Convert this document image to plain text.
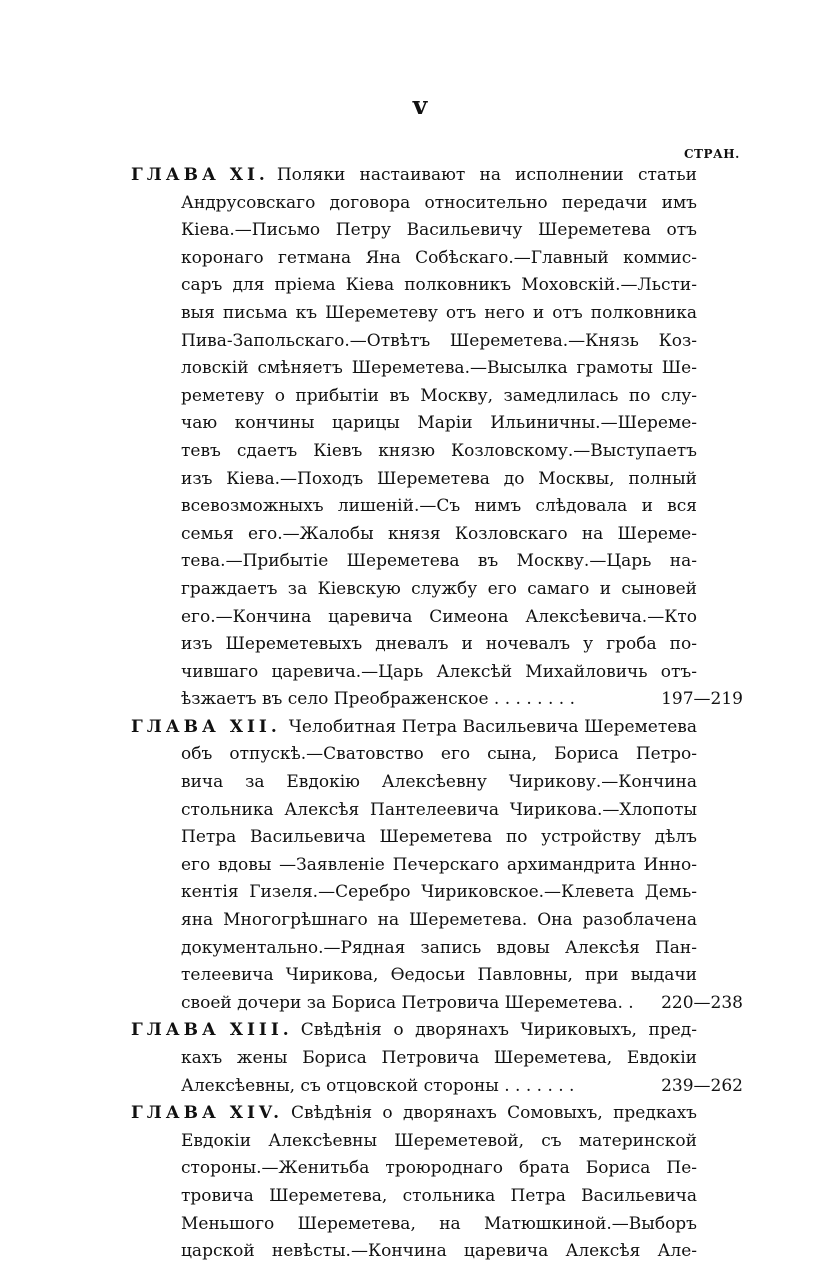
v
СТРАН.
ГЛАВА XI. Поляки настаивают на исполнении статьи
Андрусовскаго договора относительно передачи имъ
Кіева.—Письмо Петру Васильевичу Шереметева отъ
коронаго гетмана Яна Собѣскаго.—Главный коммис-
саръ для пріема Кіева полковникъ Моховскій.—Льсти-
выя письма къ Шереметеву отъ него и отъ полковника
Пива-Запольскаго.—Отвѣтъ Шереметева.—Князь Коз-
ловскій смѣняетъ Шереметева.—Высылка грамоты Ше-
реметеву о прибытіи въ Москву, замедлилась по слу-
чаю кончины царицы Маріи Ильиничны.—Шереме-
тевъ сдаетъ Кіевъ князю Козловскому.—Выступаетъ
изъ Кіева.—Походъ Шереметева до Москвы, полный
всевозможныхъ лишеній.—Съ нимъ слѣдовала и вся
семья его.—Жалобы князя Козловскаго на Шереме-
тева.—Прибытіе Шереметева въ Москву.—Царь на-
граждаетъ за Кіевскую службу его самаго и сыновей
его.—Кончина царевича Симеона Алексѣевича.—Кто
изъ Шереметевыхъ дневалъ и ночевалъ у гроба по-
чившаго царевича.—Царь Алексѣй Михайловичь отъ-
ѣзжаетъ въ село Преображенское . . . . . . . .	197—219
ГЛАВА XII. Челобитная Петра Васильевича Шереметева
объ отпускѣ.—Сватовство его сына, Бориса Петро-
вича за Евдокію Алексѣевну Чирикову.—Кончина
стольника Алексѣя Пантелеевича Чирикова.—Хлопоты
Петра Васильевича Шереметева по устройству дѣлъ
его вдовы —Заявленіе Печерскаго архимандрита Инно-
кентія Гизеля.—Серебро Чириковское.—Клевета Демь-
яна Многогрѣшнаго на Шереметева. Она разоблачена
документально.—Рядная запись вдовы Алексѣя Пан-
телеевича Чирикова, Ѳедосьи Павловны, при выдачи
своей дочери за Бориса Петровича Шереметева. .	220—238
ГЛАВА XIII. Свѣдѣнія о дворянахъ Чириковыхъ, пред-
кахъ жены Бориса Петровича Шереметева, Евдокіи
Алексѣевны, съ отцовской стороны . . . . . . .	239—262
ГЛАВА XIV. Свѣдѣнія о дворянахъ Сомовыхъ, предкахъ
Евдокіи Алексѣевны Шереметевой, съ материнской
стороны.—Женитьба троюроднаго брата Бориса Пе-
тровича Шереметева, стольника Петра Васильевича
Меньшого Шереметева, на Матюшкиной.—Выборъ
царской невѣсты.—Кончина царевича Алексѣя Але-
